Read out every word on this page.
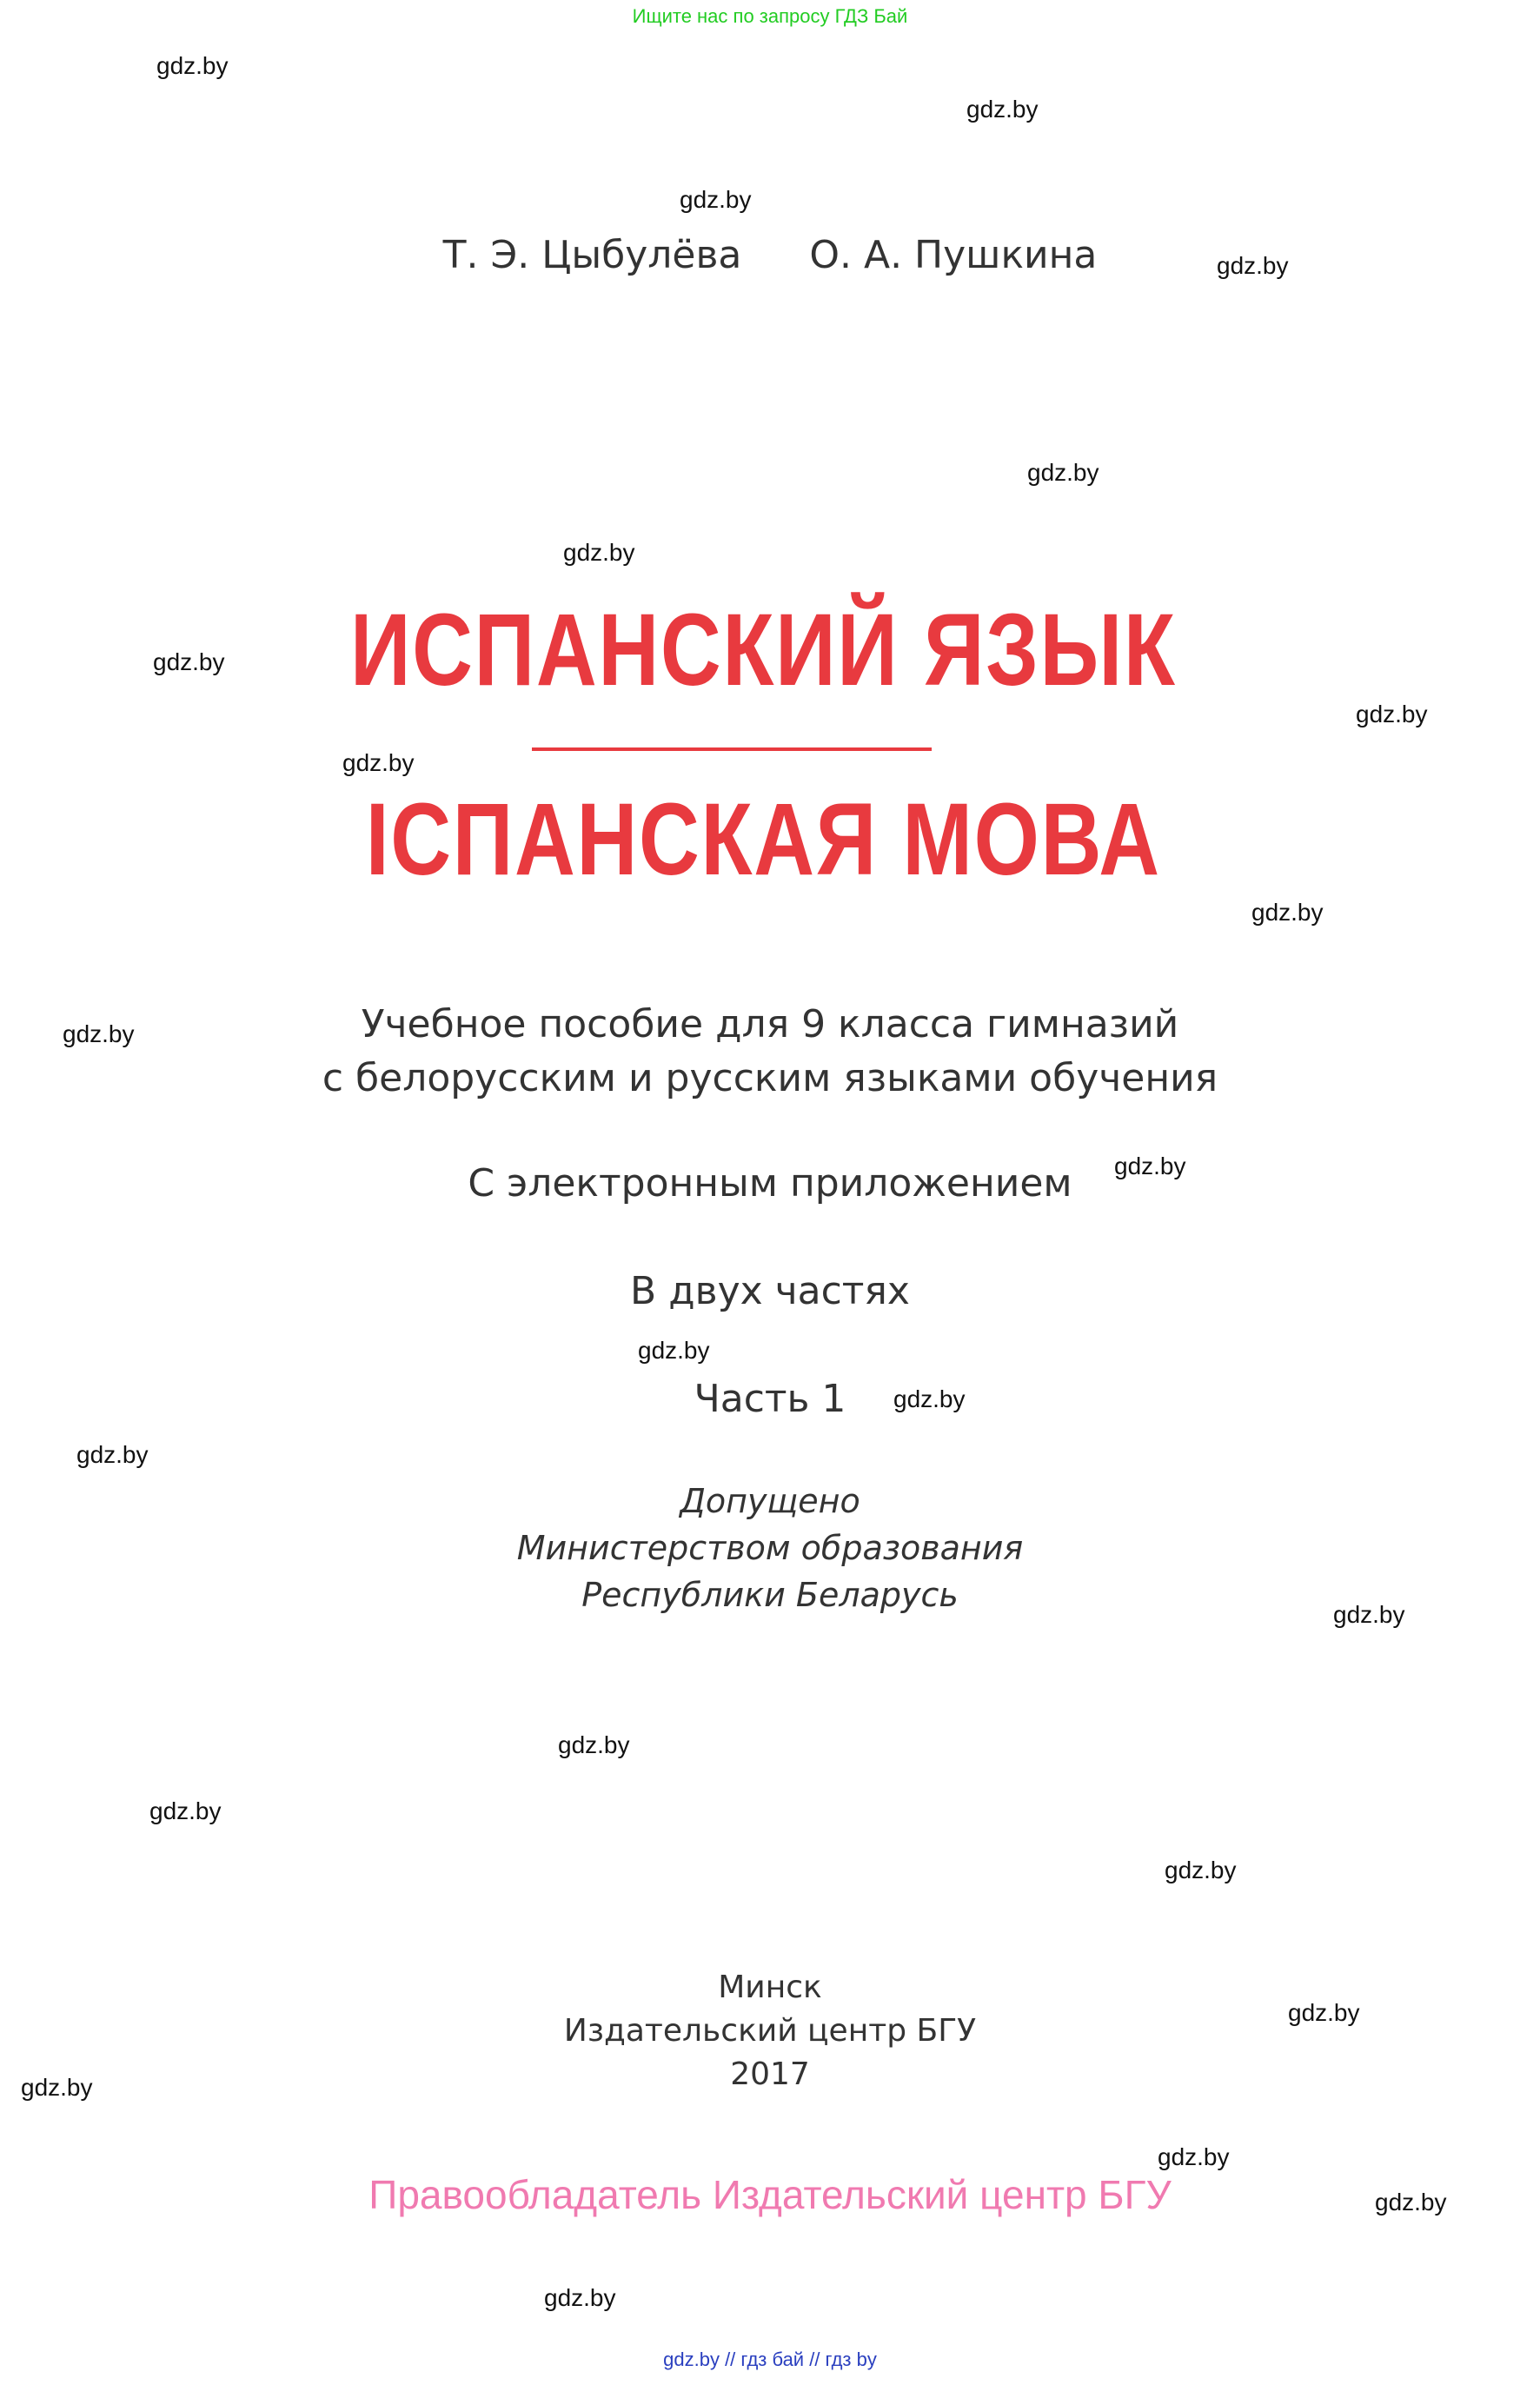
Ищите нас по запросу ГДЗ Бай
Т. Э. Цыбулёва О. А. Пушкина
ИСПАНСКИЙ ЯЗЫК
ІСПАНСКАЯ МОВА
Учебное пособие для 9 класса гимназий
с белорусским и русским языками обучения
С электронным приложением
В двух частях
Часть 1
Допущено
Министерством образования
Республики Беларусь
Минск
Издательский центр БГУ
2017
Правообладатель Издательский центр БГУ
gdz.by // гдз бай // гдз by
gdz.by
gdz.by
gdz.by
gdz.by
gdz.by
gdz.by
gdz.by
gdz.by
gdz.by
gdz.by
gdz.by
gdz.by
gdz.by
gdz.by
gdz.by
gdz.by
gdz.by
gdz.by
gdz.by
gdz.by
gdz.by
gdz.by
gdz.by
gdz.by
